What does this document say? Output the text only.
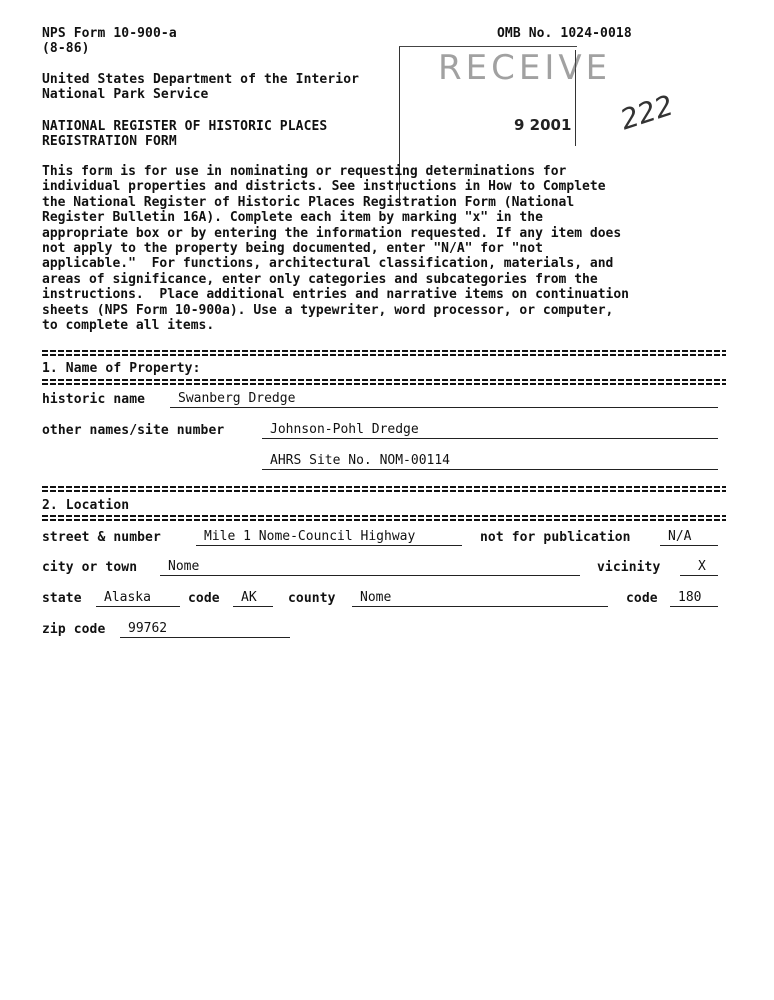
NPS Form 10-900-a
(8-86)
OMB No. 1024-0018
United States Department of the Interior
National Park Service
NATIONAL REGISTER OF HISTORIC PLACES
REGISTRATION FORM
RECEIVE
9 2001 222
This form is for use in nominating or requesting determinations for
individual properties and districts. See instructions in How to Complete
the National Register of Historic Places Registration Form (National
Register Bulletin 16A). Complete each item by marking "x" in the
appropriate box or by entering the information requested. If any item does
not apply to the property being documented, enter "N/A" for "not
applicable."  For functions, architectural classification, materials, and
areas of significance, enter only categories and subcategories from the
instructions.  Place additional entries and narrative items on continuation
sheets (NPS Form 10-900a). Use a typewriter, word processor, or computer,
to complete all items.
1. Name of Property:
historic name	Swanberg Dredge
other names/site number	Johnson-Pohl Dredge
AHRS Site No. NOM-00114
2. Location
street & number	Mile 1 Nome-Council Highway	not for publication	N/A
city or town	Nome	vicinity	X
state	Alaska	code	AK	county	Nome	code	180
zip code	99762
